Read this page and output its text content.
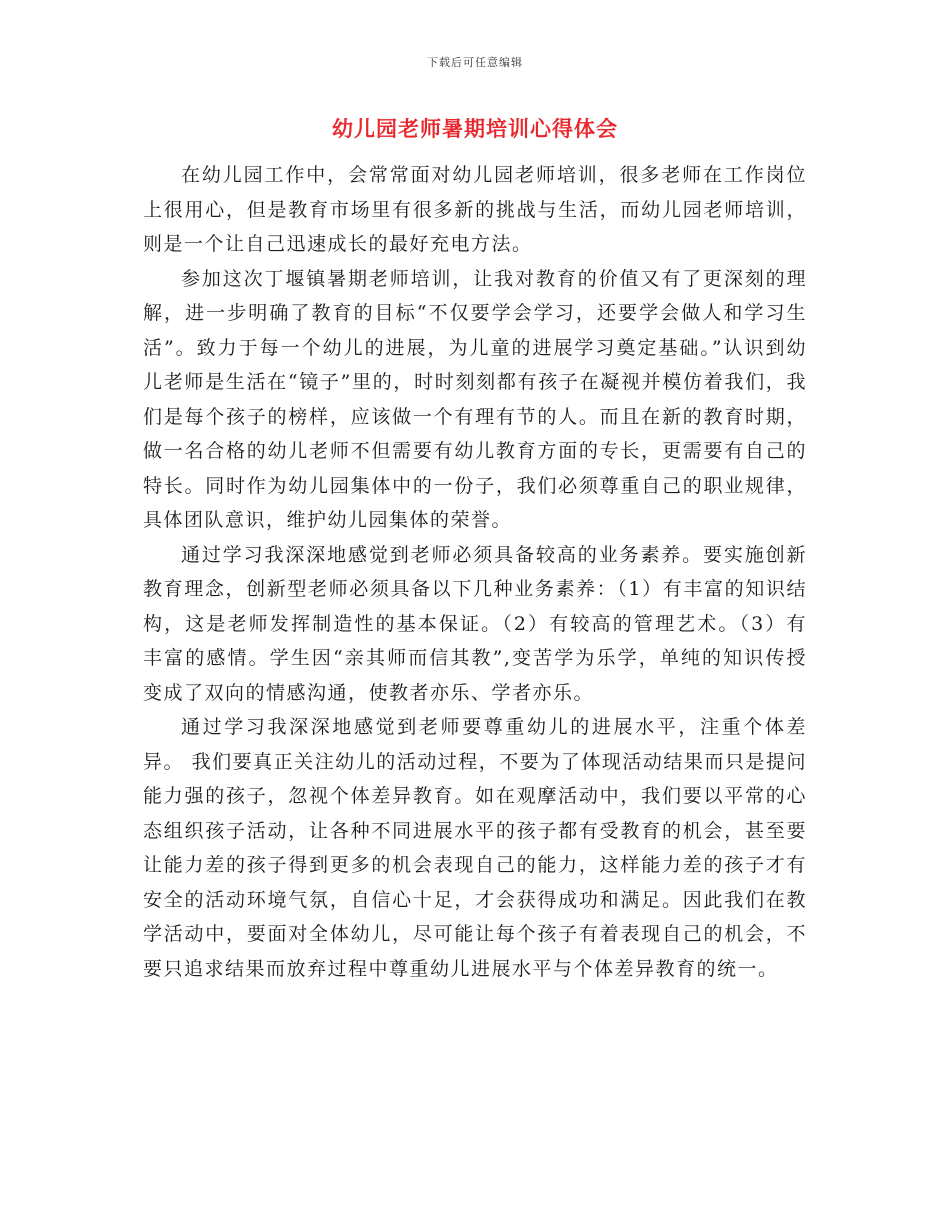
下载后可任意编辑
幼儿园老师暑期培训心得体会

在幼儿园工作中，会常常面对幼儿园老师培训，很多老师在工作岗位上很用心，但是教育市场里有很多新的挑战与生活，而幼儿园老师培训，则是一个让自己迅速成长的最好充电方法。

参加这次丁堰镇暑期老师培训，让我对教育的价值又有了更深刻的理解，进一步明确了教育的目标“不仅要学会学习，还要学会做人和学习生活”。致力于每一个幼儿的进展，为儿童的进展学习奠定基础。”认识到幼儿老师是生活在“镜子”里的，时时刻刻都有孩子在凝视并模仿着我们，我们是每个孩子的榜样，应该做一个有理有节的人。而且在新的教育时期，做一名合格的幼儿老师不但需要有幼儿教育方面的专长，更需要有自己的特长。同时作为幼儿园集体中的一份子，我们必须尊重自己的职业规律，具体团队意识，维护幼儿园集体的荣誉。

通过学习我深深地感觉到老师必须具备较高的业务素养。要实施创新教育理念，创新型老师必须具备以下几种业务素养：（1）有丰富的知识结构，这是老师发挥制造性的基本保证。（2）有较高的管理艺术。（3）有丰富的感情。学生因“亲其师而信其教”,变苦学为乐学，单纯的知识传授变成了双向的情感沟通，使教者亦乐、学者亦乐。

通过学习我深深地感觉到老师要尊重幼儿的进展水平，注重个体差异。 我们要真正关注幼儿的活动过程，不要为了体现活动结果而只是提问能力强的孩子，忽视个体差异教育。如在观摩活动中，我们要以平常的心态组织孩子活动，让各种不同进展水平的孩子都有受教育的机会，甚至要让能力差的孩子得到更多的机会表现自己的能力，这样能力差的孩子才有安全的活动环境气氛，自信心十足，才会获得成功和满足。因此我们在教学活动中，要面对全体幼儿，尽可能让每个孩子有着表现自己的机会，不要只追求结果而放弃过程中尊重幼儿进展水平与个体差异教育的统一。
